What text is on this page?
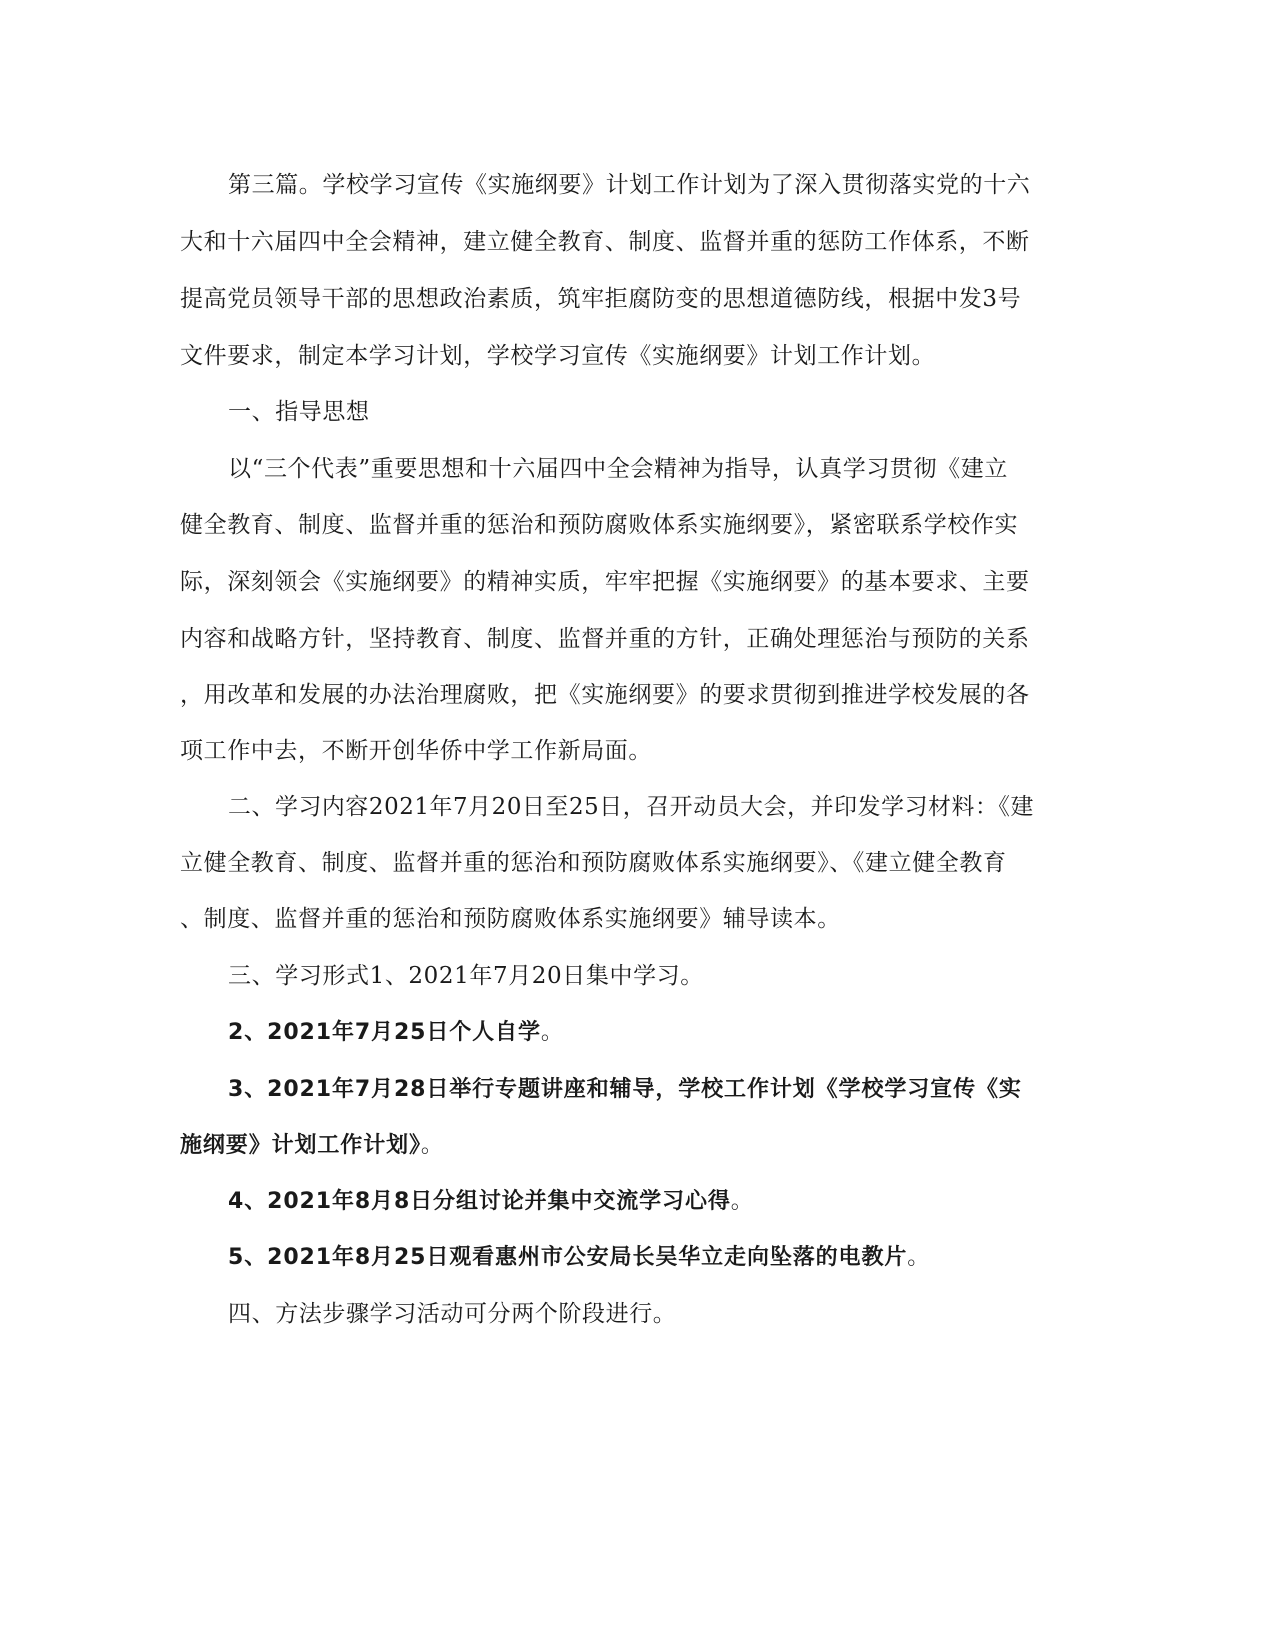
第三篇。学校学习宣传《实施纲要》计划工作计划为了深入贯彻落实党的十六

大和十六届四中全会精神，建立健全教育、制度、监督并重的惩防工作体系，不断

提高党员领导干部的思想政治素质，筑牢拒腐防变的思想道德防线，根据中发3号

文件要求，制定本学习计划，学校学习宣传《实施纲要》计划工作计划。

一、指导思想

以“三个代表”重要思想和十六届四中全会精神为指导，认真学习贯彻《建立

健全教育、制度、监督并重的惩治和预防腐败体系实施纲要》，紧密联系学校作实

际，深刻领会《实施纲要》的精神实质，牢牢把握《实施纲要》的基本要求、主要

内容和战略方针，坚持教育、制度、监督并重的方针，正确处理惩治与预防的关系

，用改革和发展的办法治理腐败，把《实施纲要》的要求贯彻到推进学校发展的各

项工作中去，不断开创华侨中学工作新局面。

二、学习内容2021年7月20日至25日，召开动员大会，并印发学习材料：《建

立健全教育、制度、监督并重的惩治和预防腐败体系实施纲要》、《建立健全教育

、制度、监督并重的惩治和预防腐败体系实施纲要》辅导读本。

三、学习形式1、2021年7月20日集中学习。

2、2021年7月25日个人自学。

3、2021年7月28日举行专题讲座和辅导，学校工作计划《学校学习宣传《实

施纲要》计划工作计划》。

4、2021年8月8日分组讨论并集中交流学习心得。

5、2021年8月25日观看惠州市公安局长吴华立走向坠落的电教片。

四、方法步骤学习活动可分两个阶段进行。
